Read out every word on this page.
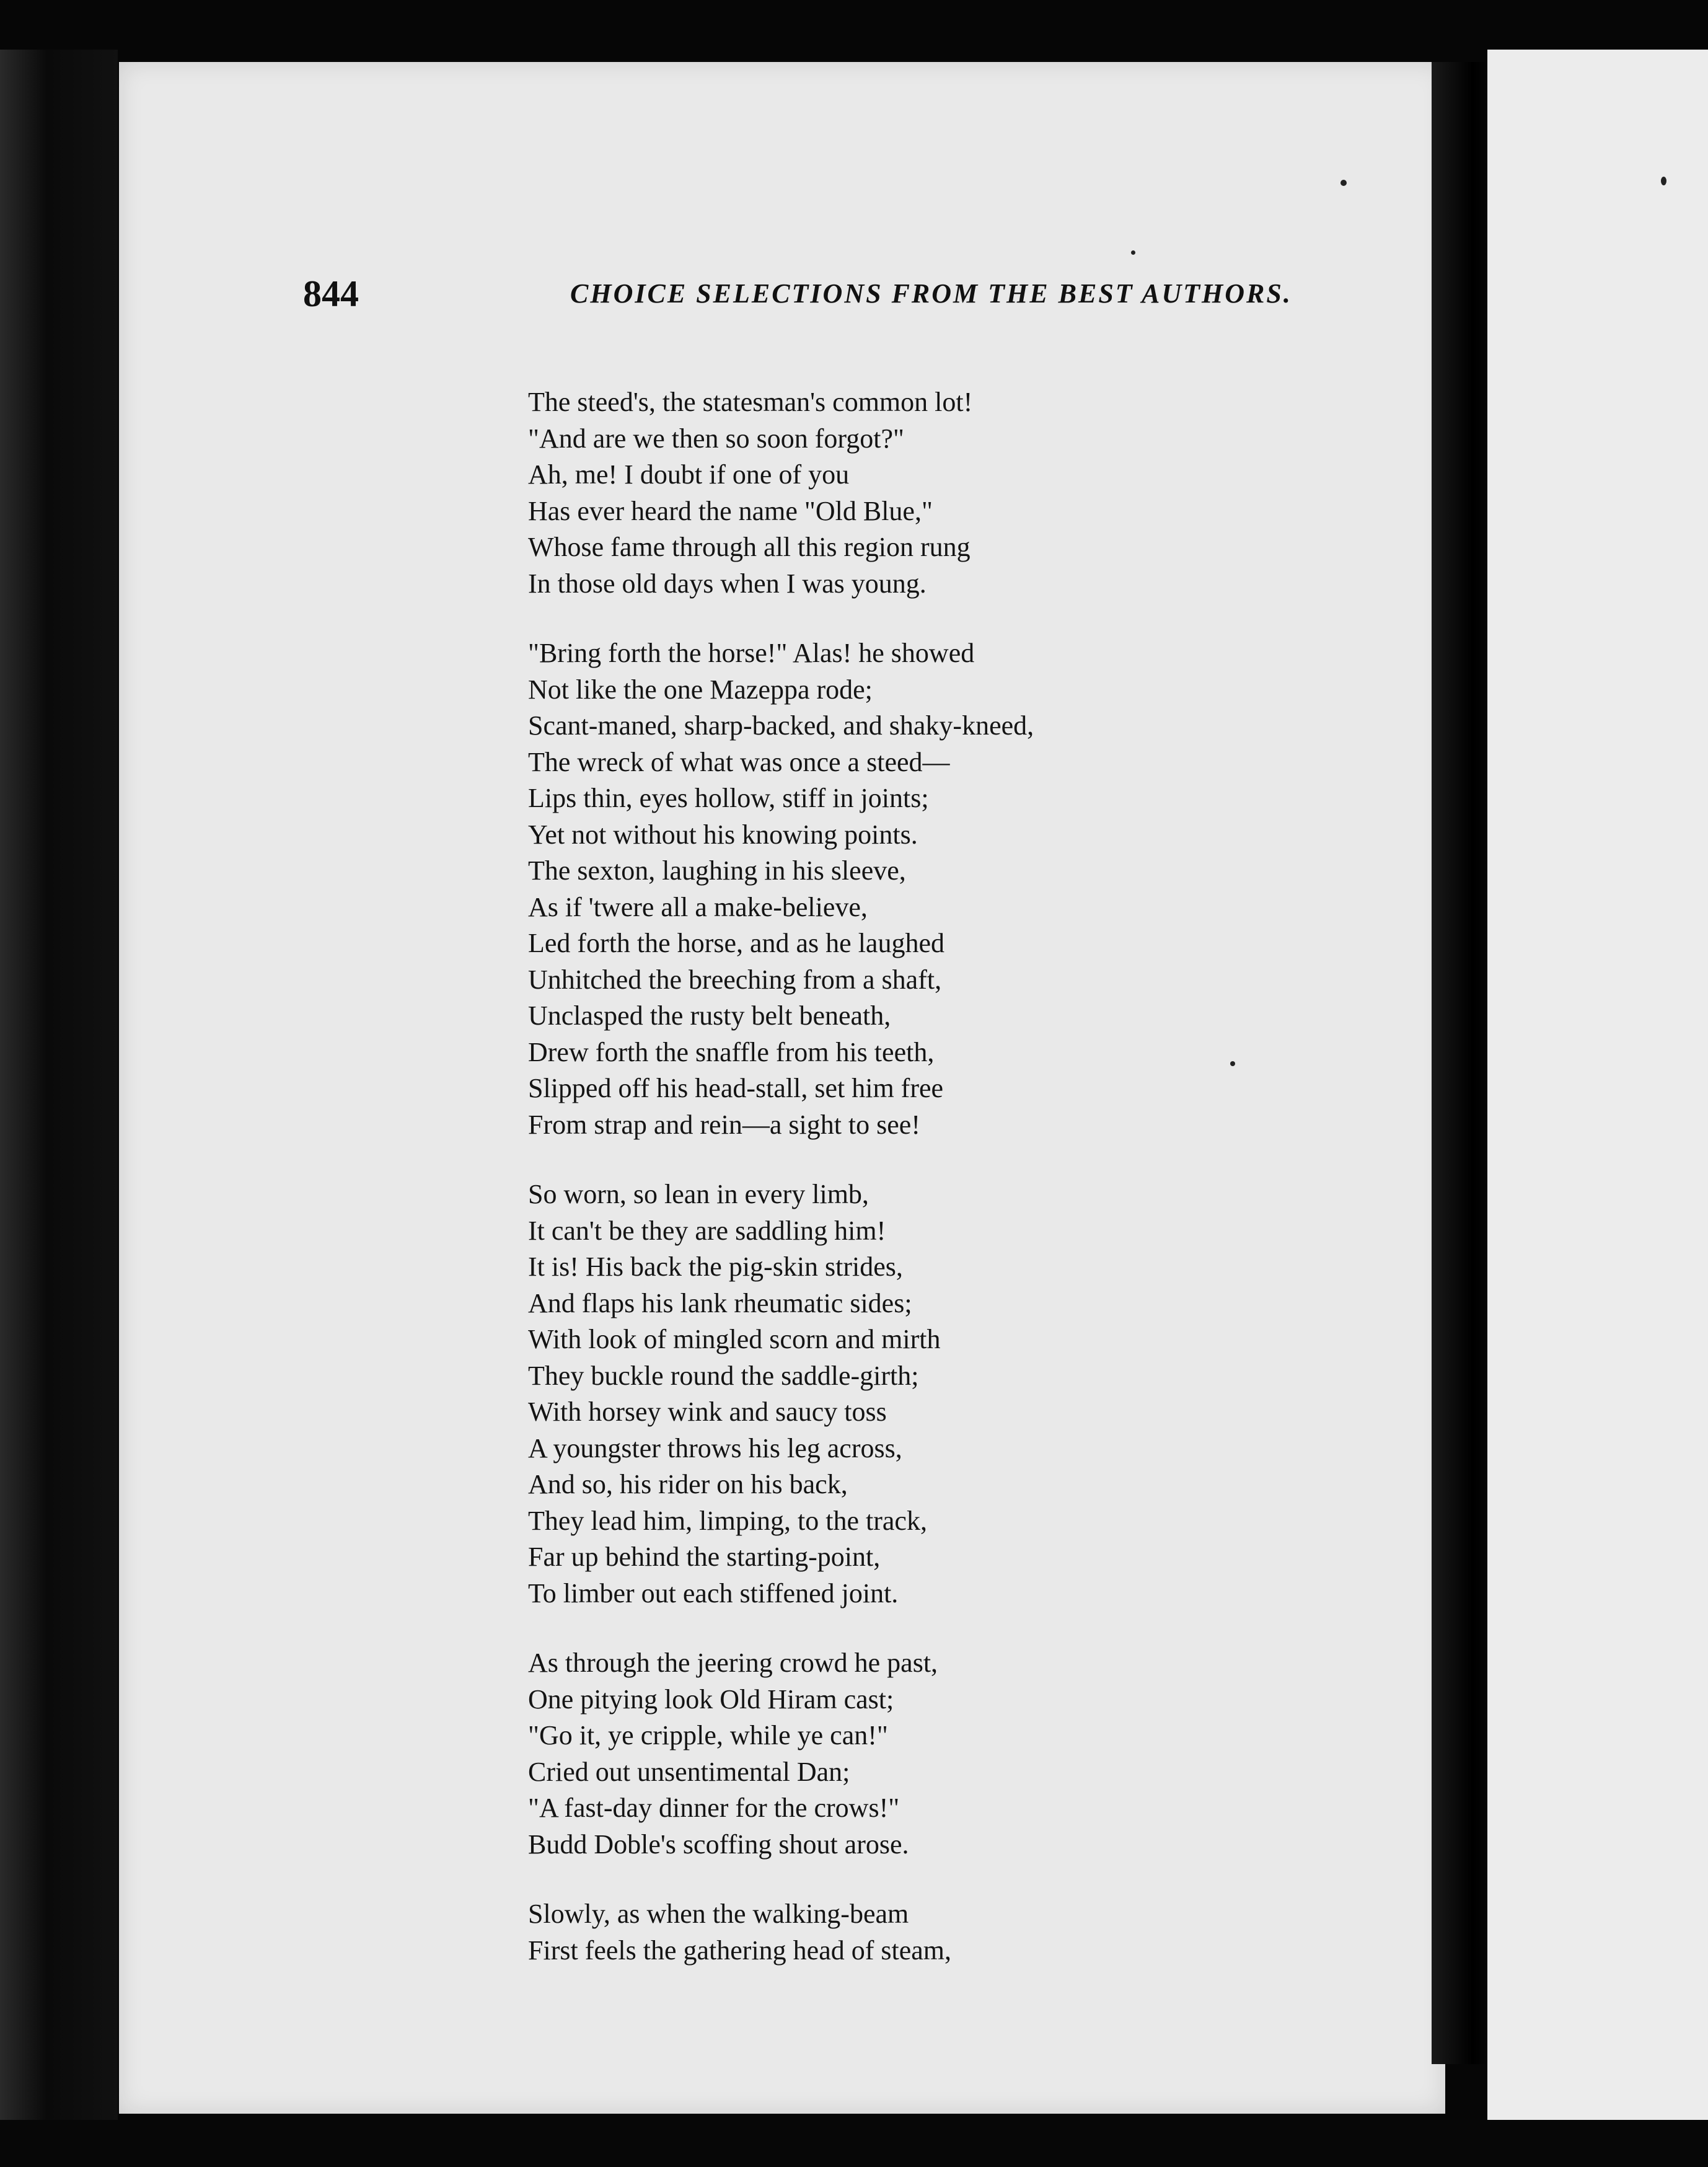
844	CHOICE SELECTIONS FROM THE BEST AUTHORS.
The steed's, the statesman's common lot!
"And are we then so soon forgot?"
Ah, me! I doubt if one of you
Has ever heard the name "Old Blue,"
Whose fame through all this region rung
In those old days when I was young.
"Bring forth the horse!" Alas! he showed
Not like the one Mazeppa rode;
Scant-maned, sharp-backed, and shaky-kneed,
The wreck of what was once a steed—
Lips thin, eyes hollow, stiff in joints;
Yet not without his knowing points.
The sexton, laughing in his sleeve,
As if 'twere all a make-believe,
Led forth the horse, and as he laughed
Unhitched the breeching from a shaft,
Unclasped the rusty belt beneath,
Drew forth the snaffle from his teeth,
Slipped off his head-stall, set him free
From strap and rein—a sight to see!
So worn, so lean in every limb,
It can't be they are saddling him!
It is! His back the pig-skin strides,
And flaps his lank rheumatic sides;
With look of mingled scorn and mirth
They buckle round the saddle-girth;
With horsey wink and saucy toss
A youngster throws his leg across,
And so, his rider on his back,
They lead him, limping, to the track,
Far up behind the starting-point,
To limber out each stiffened joint.
As through the jeering crowd he past,
One pitying look Old Hiram cast;
"Go it, ye cripple, while ye can!"
Cried out unsentimental Dan;
"A fast-day dinner for the crows!"
Budd Doble's scoffing shout arose.
Slowly, as when the walking-beam
First feels the gathering head of steam,
